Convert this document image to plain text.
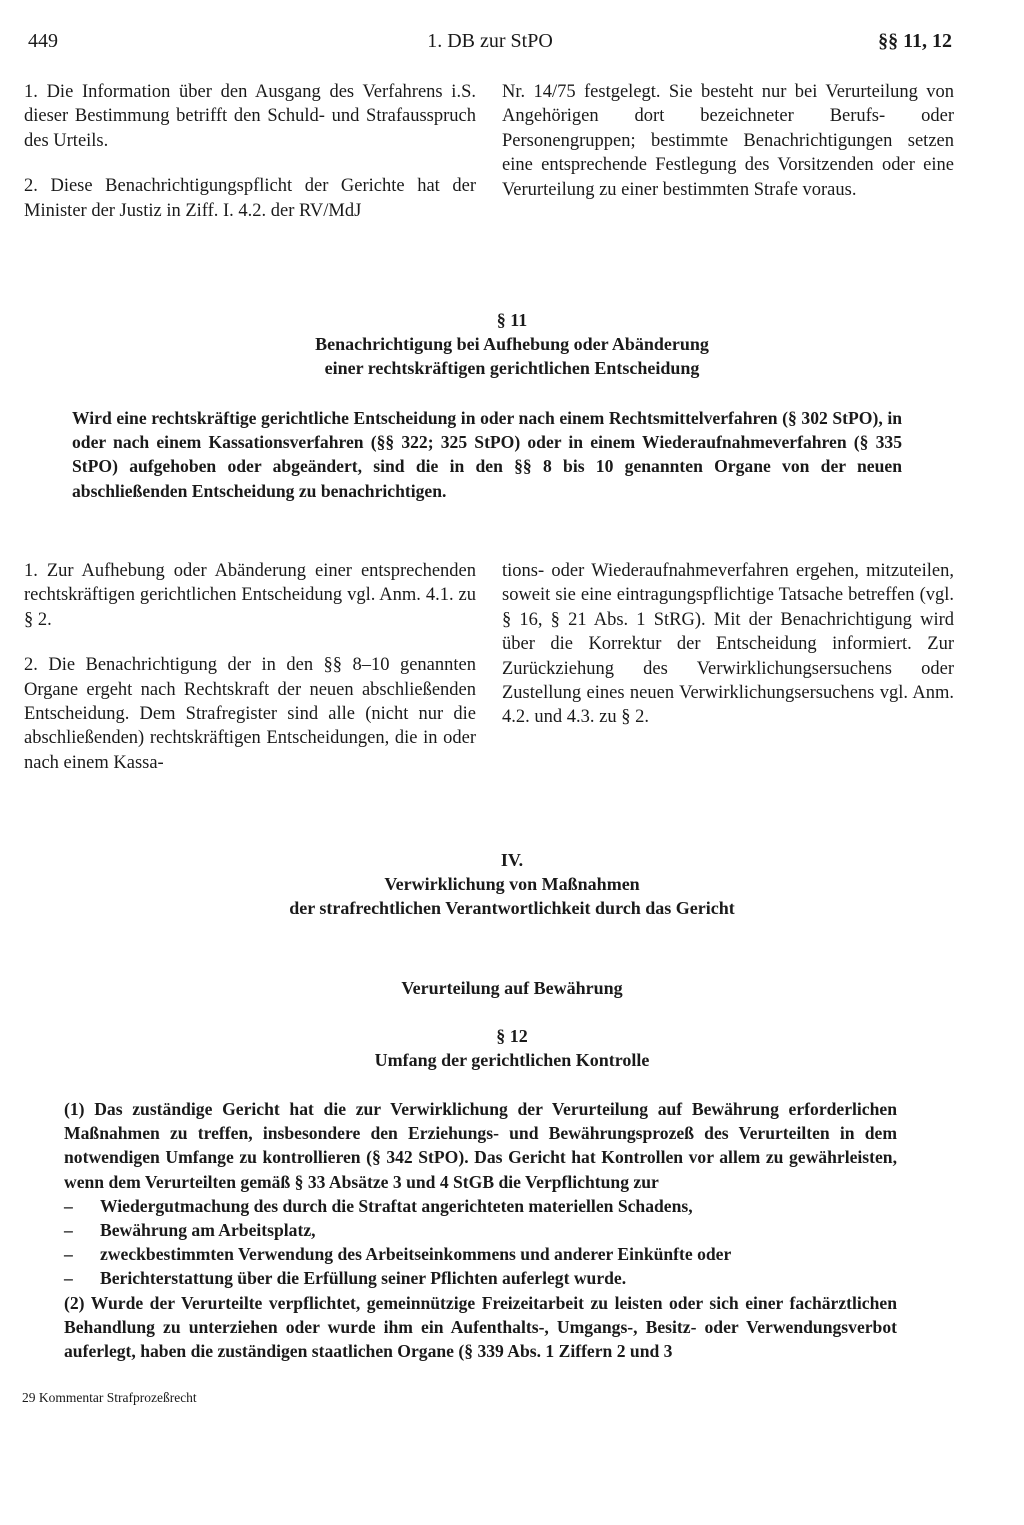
449	1. DB zur StPO	§§ 11, 12

1. Die Information über den Ausgang des Verfahrens i.S. dieser Bestimmung betrifft den Schuld- und Strafausspruch des Urteils.

2. Diese Benachrichtigungspflicht der Gerichte hat der Minister der Justiz in Ziff. I. 4.2. der RV/MdJ

Nr. 14/75 festgelegt. Sie besteht nur bei Verurteilung von Angehörigen dort bezeichneter Berufs- oder Personengruppen; bestimmte Benachrichtigungen setzen eine entsprechende Festlegung des Vorsitzenden oder eine Verurteilung zu einer bestimmten Strafe voraus.

§ 11
Benachrichtigung bei Aufhebung oder Abänderung
einer rechtskräftigen gerichtlichen Entscheidung
Wird eine rechtskräftige gerichtliche Entscheidung in oder nach einem Rechtsmittelverfahren (§ 302 StPO), in oder nach einem Kassationsverfahren (§§ 322; 325 StPO) oder in einem Wiederaufnahmeverfahren (§ 335 StPO) aufgehoben oder abgeändert, sind die in den §§ 8 bis 10 genannten Organe von der neuen abschließenden Entscheidung zu benachrichtigen.

1. Zur Aufhebung oder Abänderung einer entsprechenden rechtskräftigen gerichtlichen Entscheidung vgl. Anm. 4.1. zu § 2.

2. Die Benachrichtigung der in den §§ 8–10 genannten Organe ergeht nach Rechtskraft der neuen abschließenden Entscheidung. Dem Strafregister sind alle (nicht nur die abschließenden) rechtskräftigen Entscheidungen, die in oder nach einem Kassa-

tions- oder Wiederaufnahmeverfahren ergehen, mitzuteilen, soweit sie eine eintragungspflichtige Tatsache betreffen (vgl. § 16, § 21 Abs. 1 StRG). Mit der Benachrichtigung wird über die Korrektur der Entscheidung informiert. Zur Zurückziehung des Verwirklichungsersuchens oder Zustellung eines neuen Verwirklichungsersuchens vgl. Anm. 4.2. und 4.3. zu § 2.

IV.
Verwirklichung von Maßnahmen
der strafrechtlichen Verantwortlichkeit durch das Gericht
Verurteilung auf Bewährung
§ 12
Umfang der gerichtlichen Kontrolle
(1) Das zuständige Gericht hat die zur Verwirklichung der Verurteilung auf Bewährung erforderlichen Maßnahmen zu treffen, insbesondere den Erziehungs- und Bewährungsprozeß des Verurteilten in dem notwendigen Umfange zu kontrollieren (§ 342 StPO). Das Gericht hat Kontrollen vor allem zu gewährleisten, wenn dem Verurteilten gemäß § 33 Absätze 3 und 4 StGB die Verpflichtung zur
– Wiedergutmachung des durch die Straftat angerichteten materiellen Schadens,
– Bewährung am Arbeitsplatz,
– zweckbestimmten Verwendung des Arbeitseinkommens und anderer Einkünfte oder
– Berichterstattung über die Erfüllung seiner Pflichten auferlegt wurde.
(2) Wurde der Verurteilte verpflichtet, gemeinnützige Freizeitarbeit zu leisten oder sich einer fachärztlichen Behandlung zu unterziehen oder wurde ihm ein Aufenthalts-, Umgangs-, Besitz- oder Verwendungsverbot auferlegt, haben die zuständigen staatlichen Organe (§ 339 Abs. 1 Ziffern 2 und 3
29 Kommentar Strafprozeßrecht
